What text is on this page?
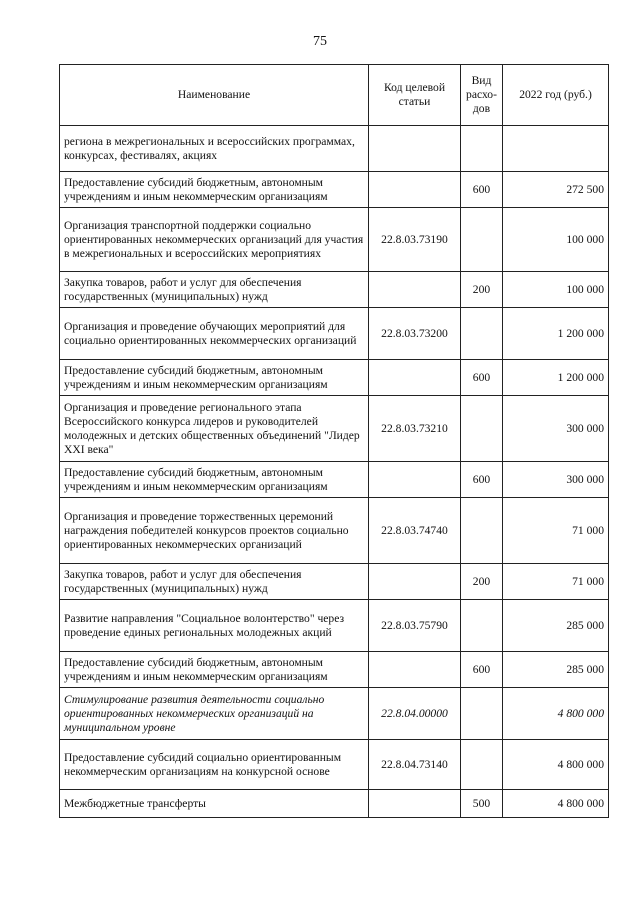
75
Наименование	Код целевой статьи	Вид расхо-дов	2022 год (руб.)
региона в межрегиональных и всероссийских программах, конкурсах, фестивалях, акциях			
Предоставление субсидий бюджетным, автономным учреждениям и иным некоммерческим организациям		600	272 500
Организация транспортной поддержки социально ориентированных некоммерческих организаций для участия в межрегиональных и всероссийских мероприятиях	22.8.03.73190		100 000
Закупка товаров, работ и услуг для обеспечения государственных (муниципальных) нужд		200	100 000
Организация и проведение обучающих мероприятий для социально ориентированных некоммерческих организаций	22.8.03.73200		1 200 000
Предоставление субсидий бюджетным, автономным учреждениям и иным некоммерческим организациям		600	1 200 000
Организация и проведение регионального этапа Всероссийского конкурса лидеров и руководителей молодежных и детских общественных объединений "Лидер XXI века"	22.8.03.73210		300 000
Предоставление субсидий бюджетным, автономным учреждениям и иным некоммерческим организациям		600	300 000
Организация и проведение торжественных церемоний награждения победителей конкурсов проектов социально ориентированных некоммерческих организаций	22.8.03.74740		71 000
Закупка товаров, работ и услуг для обеспечения государственных (муниципальных) нужд		200	71 000
Развитие направления "Социальное волонтерство" через проведение единых региональных молодежных акций	22.8.03.75790		285 000
Предоставление субсидий бюджетным, автономным учреждениям и иным некоммерческим организациям		600	285 000
Стимулирование развития деятельности социально ориентированных некоммерческих организаций на муниципальном уровне	22.8.04.00000		4 800 000
Предоставление субсидий социально ориентированным некоммерческим организациям на конкурсной основе	22.8.04.73140		4 800 000
Межбюджетные трансферты		500	4 800 000
